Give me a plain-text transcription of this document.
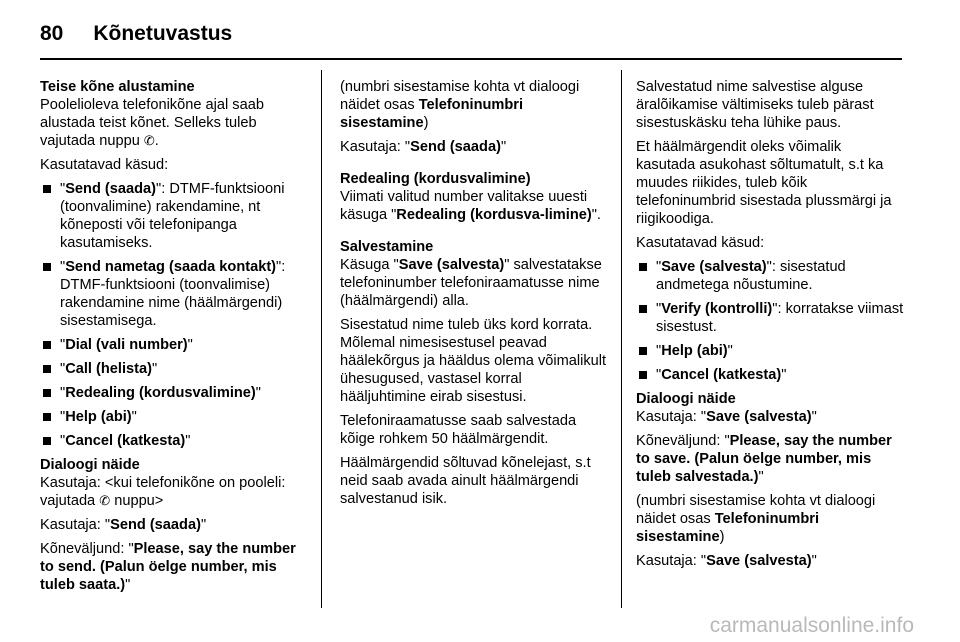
80 Kõnetuvastus
Teise kõne alustamine

Poolelioleva telefonikõne ajal saab alustada teist kõnet. Selleks tuleb vajutada nuppu ✆.

Kasutatavad käsud:

"Send (saada)": DTMF-funktsiooni (toonvalimine) rakendamine, nt kõneposti või telefonipanga kasutamiseks.
"Send nametag (saada kontakt)": DTMF-funktsiooni (toonvalimise) rakendamine nime (häälmärgendi) sisestamisega.
"Dial (vali number)"
"Call (helista)"
"Redealing (kordusvalimine)"
"Help (abi)"
"Cancel (katkesta)"
Dialoogi näide

Kasutaja: <kui telefonikõne on pooleli: vajutada ✆ nuppu>

Kasutaja: "Send (saada)"

Kõneväljund: "Please, say the number to send. (Palun öelge number, mis tuleb saata.)"

(numbri sisestamise kohta vt dialoogi näidet osas Telefoninumbri sisestamine)

Kasutaja: "Send (saada)"

Redealing (kordusvalimine)

Viimati valitud number valitakse uuesti käsuga "Redealing (kordusva-limine)".

Salvestamine

Käsuga "Save (salvesta)" salvestatakse telefoninumber telefoniraamatusse nime (häälmärgendi) alla.

Sisestatud nime tuleb üks kord korrata. Mõlemal nimesisestusel peavad häälekõrgus ja hääldus olema võimalikult ühesugused, vastasel korral hääljuhtimine eirab sisestusi.

Telefoniraamatusse saab salvestada kõige rohkem 50 häälmärgendit.

Häälmärgendid sõltuvad kõnelejast, s.t neid saab avada ainult häälmärgendi salvestanud isik.

Salvestatud nime salvestise alguse äralõikamise vältimiseks tuleb pärast sisestuskäsku teha lühike paus.

Et häälmärgendit oleks võimalik kasutada asukohast sõltumatult, s.t ka muudes riikides, tuleb kõik telefoninumbrid sisestada plussmärgi ja riigikoodiga.

Kasutatavad käsud:

"Save (salvesta)": sisestatud andmetega nõustumine.
"Verify (kontrolli)": korratakse viimast sisestust.
"Help (abi)"
"Cancel (katkesta)"
Dialoogi näide

Kasutaja: "Save (salvesta)"

Kõneväljund: "Please, say the number to save. (Palun öelge number, mis tuleb salvestada.)"

(numbri sisestamise kohta vt dialoogi näidet osas Telefoninumbri sisestamine)

Kasutaja: "Save (salvesta)"

carmanualsonline.info
